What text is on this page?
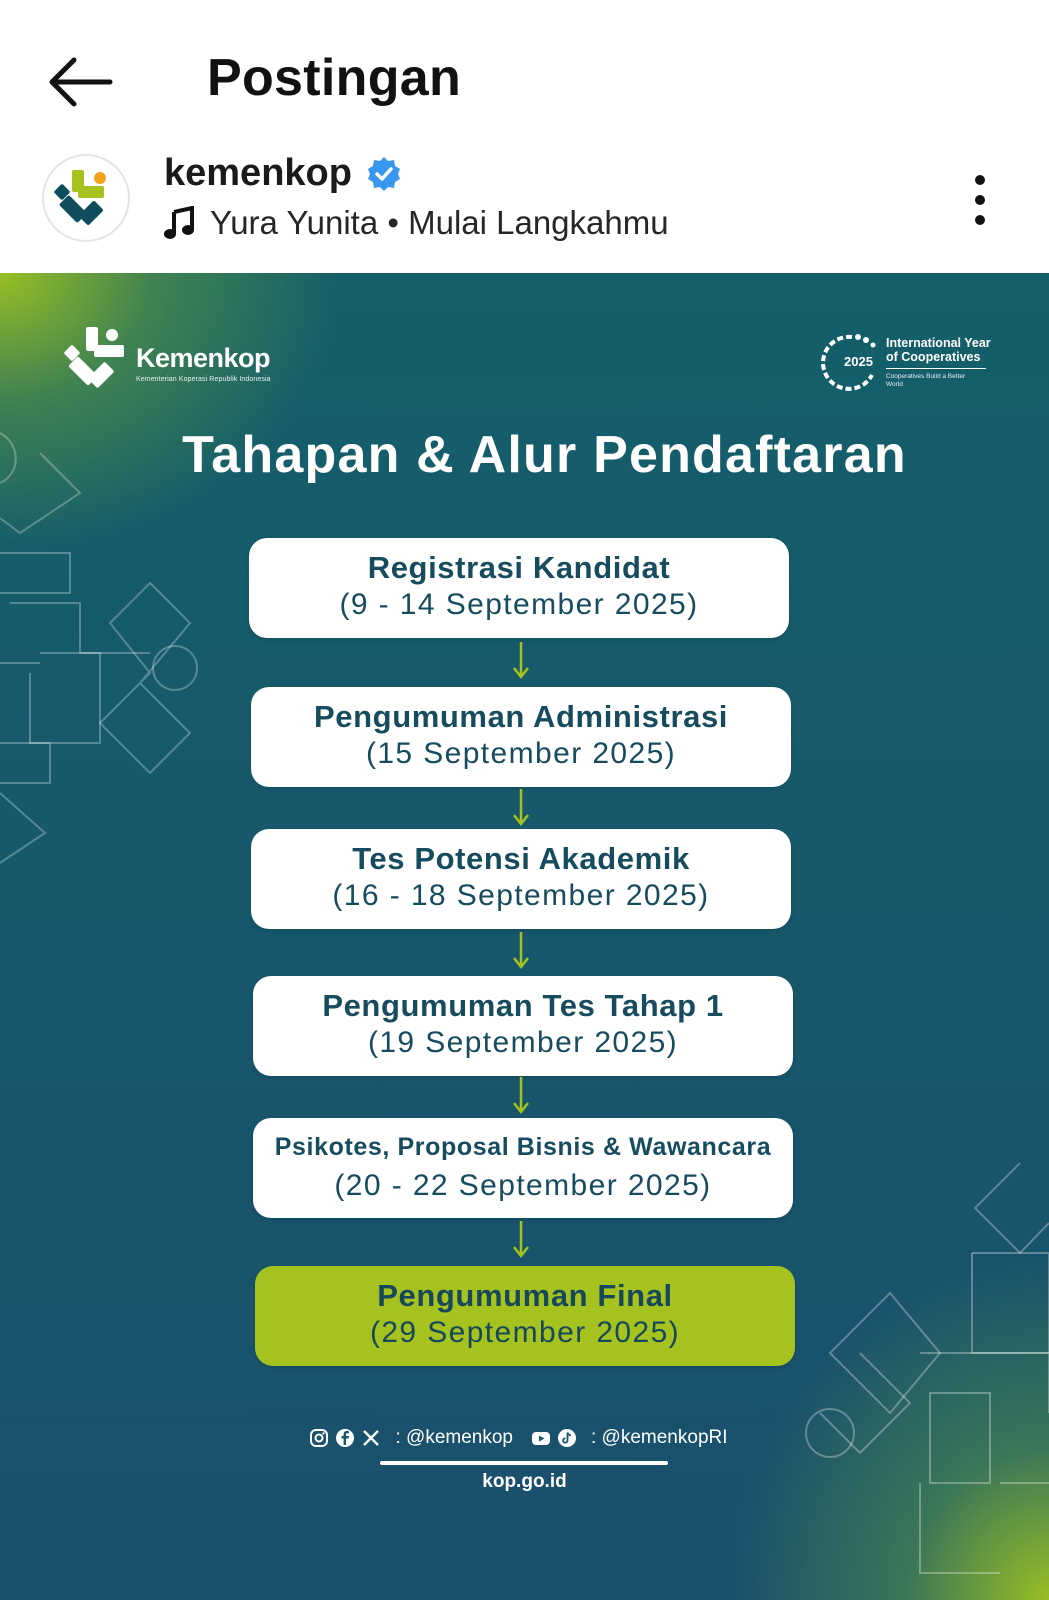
Postingan
kemenkop
Yura Yunita • Mulai Langkahmu
Kemenkop
Kementerian Koperasi Republik Indonesia
2025
International Year
of Cooperatives
Cooperatives Build a Better World
Tahapan & Alur Pendaftaran
Registrasi Kandidat
(9 - 14 September 2025)
Pengumuman Administrasi
(15 September 2025)
Tes Potensi Akademik
(16 - 18 September 2025)
Pengumuman Tes Tahap 1
(19 September 2025)
Psikotes, Proposal Bisnis & Wawancara
(20 - 22 September 2025)
Pengumuman Final
(29 September 2025)
: @kemenkop	: @kemenkopRI
kop.go.id
